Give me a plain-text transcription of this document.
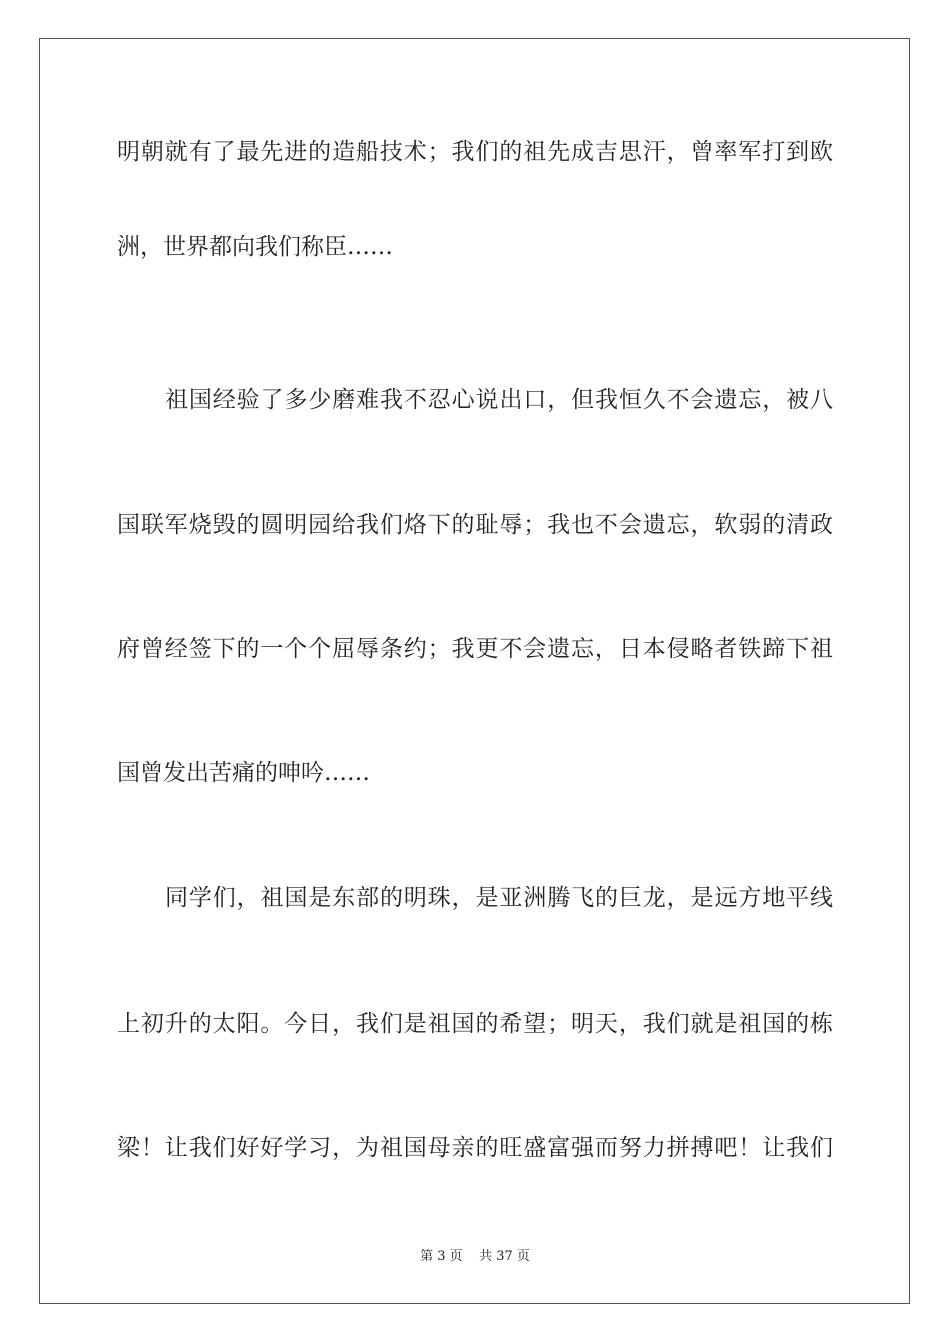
明朝就有了最先进的造船技术；我们的祖先成吉思汗，曾率军打到欧
洲，世界都向我们称臣……
祖国经验了多少磨难我不忍心说出口，但我恒久不会遗忘，被八
国联军烧毁的圆明园给我们烙下的耻辱；我也不会遗忘，软弱的清政
府曾经签下的一个个屈辱条约；我更不会遗忘，日本侵略者铁蹄下祖
国曾发出苦痛的呻吟……
同学们，祖国是东部的明珠，是亚洲腾飞的巨龙，是远方地平线
上初升的太阳。今日，我们是祖国的希望；明天，我们就是祖国的栋
梁！让我们好好学习，为祖国母亲的旺盛富强而努力拼搏吧！让我们
第 3 页    共 37 页
